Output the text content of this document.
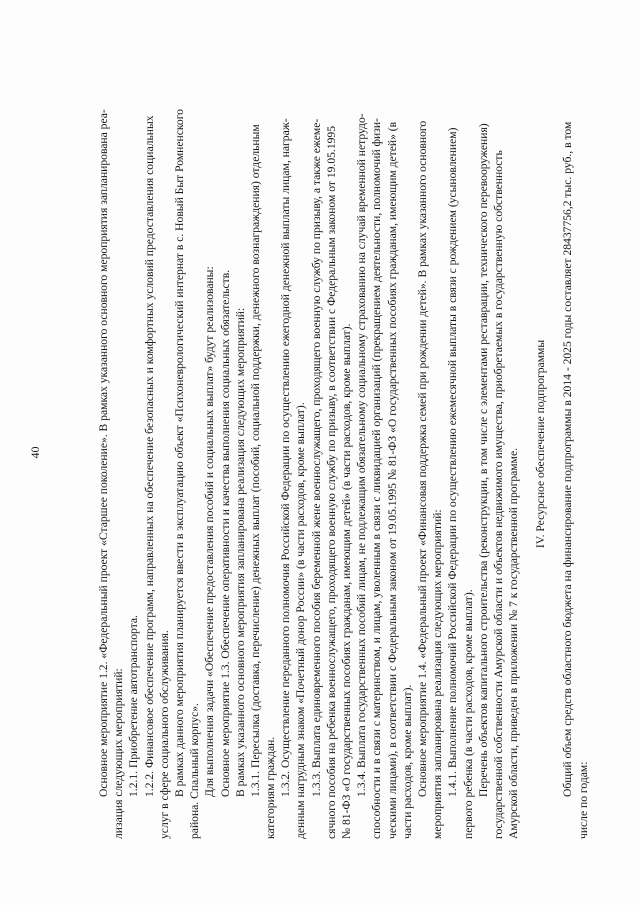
40	Основное мероприятие 1.2. «Федеральный проект «Старшее поколение». В рамках указанного основного мероприятия запланирована реа- лизация следующих мероприятий: 1.2.1. Приобретение автотранспорта. 1.2.2. Финансовое обеспечение программ, направленных на обеспечение безопасных и комфортных условий предоставления социальных услуг в сфере социального обслуживания. В рамках данного мероприятия планируется ввести в эксплуатацию объект «Психоневрологический интернат в с. Новый Быт Ромненского района. Спальный корпус». Для выполнения задачи «Обеспечение предоставления пособий и социальных выплат» будут реализованы: Основное мероприятие 1.3. Обеспечение оперативности и качества выполнения социальных обязательств. В рамках указанного основного мероприятия запланирована реализация следующих мероприятий: 1.3.1. Пересылка (доставка, перечисление) денежных выплат (пособий, социальной поддержки, денежного вознаграждения) отдельным категориям граждан. 1.3.2. Осуществление переданного полномочия Российской Федерации по осуществлению ежегодной денежной выплаты лицам, награж- денным нагрудным знаком «Почетный донор России» (в части расходов, кроме выплат). 1.3.3. Выплата единовременного пособия беременной жене военнослужащего, проходящего военную службу по призыву, а также ежеме- сячного пособия на ребенка военнослужащего, проходящего военную службу по призыву, в соответствии с Федеральным законом от 19.05.1995 № 81-ФЗ «О государственных пособиях гражданам, имеющим детей» (в части расходов, кроме выплат). 1.3.4. Выплата государственных пособий лицам, не подлежащим обязательному социальному страхованию на случай временной нетрудо- способности и в связи с материнством, и лицам, уволенным в связи с ликвидацией организаций (прекращением деятельности, полномочий физи- ческими лицами), в соответствии с Федеральным законом от 19.05.1995 № 81-ФЗ «О государственных пособиях гражданам, имеющим детей» (в части расходов, кроме выплат). Основное мероприятие 1.4. «Федеральный проект «Финансовая поддержка семей при рождении детей». В рамках указанного основного мероприятия запланирована реализация следующих мероприятий: 1.4.1. Выполнение полномочий Российской Федерации по осуществлению ежемесячной выплаты в связи с рождением (усыновлением) первого ребенка (в части расходов, кроме выплат). Перечень объектов капитального строительства (реконструкции, в том числе с элементами реставрации, технического перевооружения) государственной собственности Амурской области и объектов недвижимого имущества, приобретаемых в государственную собственность Амурской области, приведен в приложении № 7 к государственной программе.
IV. Ресурсное обеспечение подпрограммы Общий объем средств областного бюджета на финансирование подпрограммы в 2014 - 2025 годы составляет 28437756,2 тыс. руб., в том
числе по годам:
